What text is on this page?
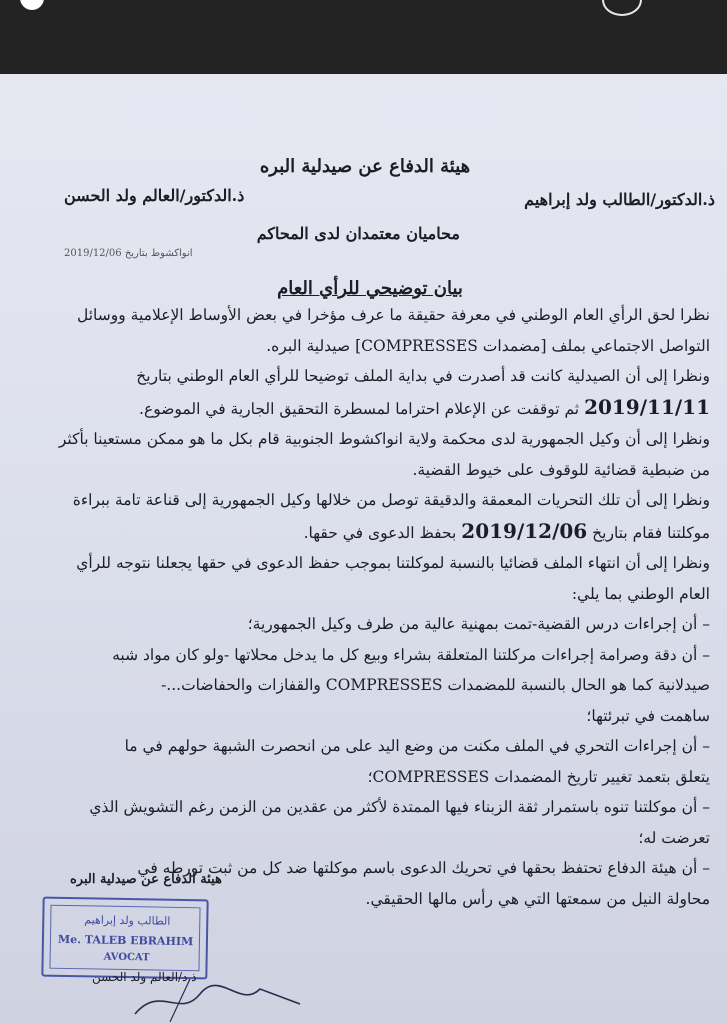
هيئة الدفاع عن صيدلية البره
ذ.الدكتور/الطالب ولد إبراهيم
ذ.الدكتور/العالم ولد الحسن
محاميان معتمدان لدى المحاكم
انواكشوط بتاريخ 2019/12/06
بيان توضيحي للرأي العام
نظرا لحق الرأي العام الوطني في معرفة حقيقة ما عرف مؤخرا في بعض الأوساط الإعلامية ووسائل
التواصل الاجتماعي بملف [مضمدات COMPRESSES] صيدلية البره.
ونظرا إلى أن الصيدلية كانت قد أصدرت في بداية الملف توضيحا للرأي العام الوطني بتاريخ
2019/11/11 ثم توقفت عن الإعلام احتراما لمسطرة التحقيق الجارية في الموضوع.
ونظرا إلى أن وكيل الجمهورية لدى محكمة ولاية انواكشوط الجنوبية قام بكل ما هو ممكن مستعينا بأكثر
من ضبطية قضائية للوقوف على خيوط القضية.
ونظرا إلى أن تلك التحريات المعمقة والدقيقة توصل من خلالها وكيل الجمهورية إلى قناعة تامة ببراءة
موكلتنا فقام بتاريخ 2019/12/06 بحفظ الدعوى في حقها.
ونظرا إلى أن انتهاء الملف قضائيا بالنسبة لموكلتنا بموجب حفظ الدعوى في حقها يجعلنا نتوجه للرأي
العام الوطني بما يلي:
– أن إجراءات درس القضية-تمت بمهنية عالية من طرف وكيل الجمهورية؛
– أن دقة وصرامة إجراءات مركلتنا المتعلقة بشراء وبيع كل ما يدخل محلاتها -ولو كان مواد شبه
صيدلانية كما هو الحال بالنسبة للمضمدات COMPRESSES والقفازات والحفاضات...-
ساهمت في تبرئتها؛
– أن إجراءات التحري في الملف مكنت من وضع اليد على من انحصرت الشبهة حولهم في ما
يتعلق بتعمد تغيير تاريخ المضمدات COMPRESSES؛
– أن موكلتنا تنوه باستمرار ثقة الزبناء فيها الممتدة لأكثر من عقدين من الزمن رغم التشويش الذي
تعرضت له؛
– أن هيئة الدفاع تحتفظ بحقها في تحريك الدعوى باسم موكلتها ضد كل من ثبت تورطه في
محاولة النيل من سمعتها التي هي رأس مالها الحقيقي.
هيئة الدفاع عن صيدلية البره
الطالب ولد إبراهيم
Me. TALEB EBRAHIM
AVOCAT
ذ.د/العالم ولد الحسن
